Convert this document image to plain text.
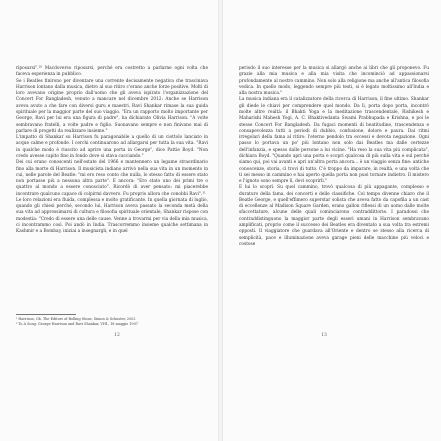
riposarsi".¹⁰ Macdoverso riposarsi, perché era costretto a parlarne ogni volta che faceva esperienza in pubblico.

Se i Beatles finirono per diventare una corrente decisamente negativa che trascinava Harrison lontano dalla musica, dietro al suo ritiro c'erano anche forze positive. Molti di loro avevano origine proprio dall'uomo che gli aveva ispirato l'organizzazione del Concert For Bangladesh, venuto a mancare nel dicembre 2012: Anche se Harrison aveva avuto a che fare con diversi guru e maestri, Ravi Shankar rimase la sua guida spirituale per la maggior parte del suo viaggio. "Era un rapporto molto importante per George, Ravi per lui era una figura di padre", ha dichiarato Olivia Harrison. "A volte sembravano fratelli, a volte padre e figlio. Suonavano sempre e non finivano mai di parlare di progetti da realizzare insieme."

L'impatto di Shankar su Harrison fu paragonabile a quello di un ciottolo lanciato in acque calme e profonde. I cerchi continuarono ad allargarsi per tutta la sua vita. "Ravi in qualche modo è riuscito ad aprire una porta in George", dice Pattie Boyd. "Non credo avesse capito fino in fondo dove si stava cacciando."

Dei cui erano conoscenti nell'estate del 1966 e mantennero un legame straordinario fino alla morte di Harrison. Il musicista indiano arrivò nella sua vita in un momento in cui, nelle parole del Beatle: "mi ero reso conto che nulla, lo stesso fatto di essere stato non portasse più a nessuna altra parte". E ancora: "Ero stato uno dei primi tre o quattro al mondo a essere conosciuto". Ricordò di aver pensato: mi piacerebbe incontrare qualcuno capace di colpirmi davvero. Fu proprio allora che conobbi Ravi".¹¹

Le loro relazioni era fluida, complessa e molto gratificante. In quella giornata di luglio, quando gli chiesi perché, secondo lui, Harrison aveva passato la seconda metà della sua vita ad approssimarsi di cultura e filosofia spirituale orientale, Shankar rispose con modestia: "Credo di essere una delle cause. Venne a trovarmi per via della mia musica, ci incontrammo così. Poi andò in India. Trascorremmo insieme qualche settimana in Kashmir e a Bombay, iniziai a insegnargli, e in quel

¹ Harrison, Ob. The Editors of Rolling Stone, Simon & Schuster, 2002
² To A Song: George Harrison and Ravi Shankar, VH1, 18 maggio 1997
12

periodo il suo interesse per la musica si allargò anche ai libri che gli proponevo. Fu grazie alla mia musica e alla mia visita che incominciò ad appassionarsi profondamente al nostro cammino. Non solo alla religione ma anche all'antica filosofia vedica. In quello modo, leggendo sempre più testi, si è legato moltissimo all'India e alla nostra musica."

La musica indiana era il catalizzatore della ricerca di Harrison, il fine ultimo. Shankar gli diede le chiavi per comprendere quel mondo. Da lì, porta dopo porta, incontrò molte altre realtà: il Bhakti Yoga e la meditazione trascendentale, Rishikesh e Maharishi Mahesh Yogi, A. C. Bhaktivedanta Swami Prabhupada e Krishna, e poi le stesse Concert For Bangladesh. Da fugaci momenti di beatitudine, trascendenza e consapevolezza tutti a periodi di dubbio, confusione, dolore e paura. Dai ritmi irregolari della fama al ritiro: l'eterno pendolo tra eccessi e devota negazione. Ogni passo lo portava un po' più lontano non solo dai Beatles ma dalle certezze dell'infanzia, e spesso dalle persone a lui vicine. "Ha reso la sua vita più complicata", dichiara Boyd. "Quando apri una porta e scopri qualcosa di più sulla vita e sul perché siamo qui, poi vai avanti e apri un'altra porta ancora… è un viaggio senza fine: antiche conoscenze, storia, ci trovi di tutto. C'è troppo da imparare, in realtà, e una volta che ti sei messo in cammino e hai aperto quella porta non puoi tornare indietro. Il mistero e l'ignoto sono sempre lì, devi scoprirli."

E lui lo scoprì. Su quel cammino, trovò qualcosa di più appagante, complesso e duraturo della fama, dei concerti e delle classifiche. Col tempo divenne chiaro che il Beatle George, e quell'effimero superstar solista che aveva fatto da capofila a un cast di eccellenze al Madison Square Garden, erano gallon riflessi di un uomo dalle molte sfaccettature, alcune delle quali cominciarono contraddittorie. I paradossi che contraddistinguono la maggior parte degli esseri umani in Harrison sembravano amplificati, proprio come il successo dei Beatles era diventato a sua volta tra estremi opposti. Il viaggiatore che guardava all'Oriente e dentro se stesso alla ricerca di semplicità, pace e illuminazione aveva garage pieni delle macchine più veloci e costose

13
